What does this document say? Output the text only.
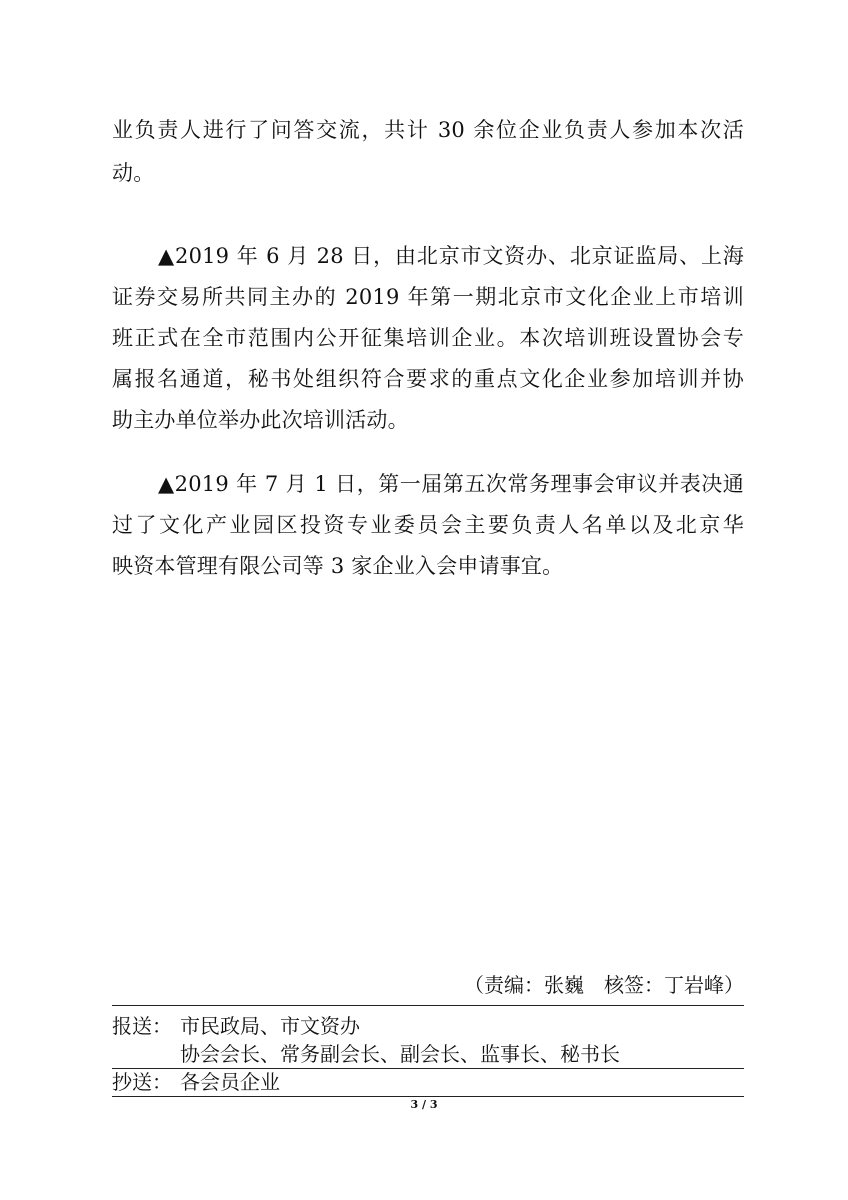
业负责人进行了问答交流，共计 30 余位企业负责人参加本次活
动。
▲2019 年 6 月 28 日，由北京市文资办、北京证监局、上海
证券交易所共同主办的 2019 年第一期北京市文化企业上市培训
班正式在全市范围内公开征集培训企业。本次培训班设置协会专
属报名通道，秘书处组织符合要求的重点文化企业参加培训并协
助主办单位举办此次培训活动。
▲2019 年 7 月 1 日，第一届第五次常务理事会审议并表决通
过了文化产业园区投资专业委员会主要负责人名单以及北京华
映资本管理有限公司等 3 家企业入会申请事宜。
（责编：张巍　核签：丁岩峰）
报送： 市民政局、市文资办
协会会长、常务副会长、副会长、监事长、秘书长
抄送： 各会员企业
3 / 3
